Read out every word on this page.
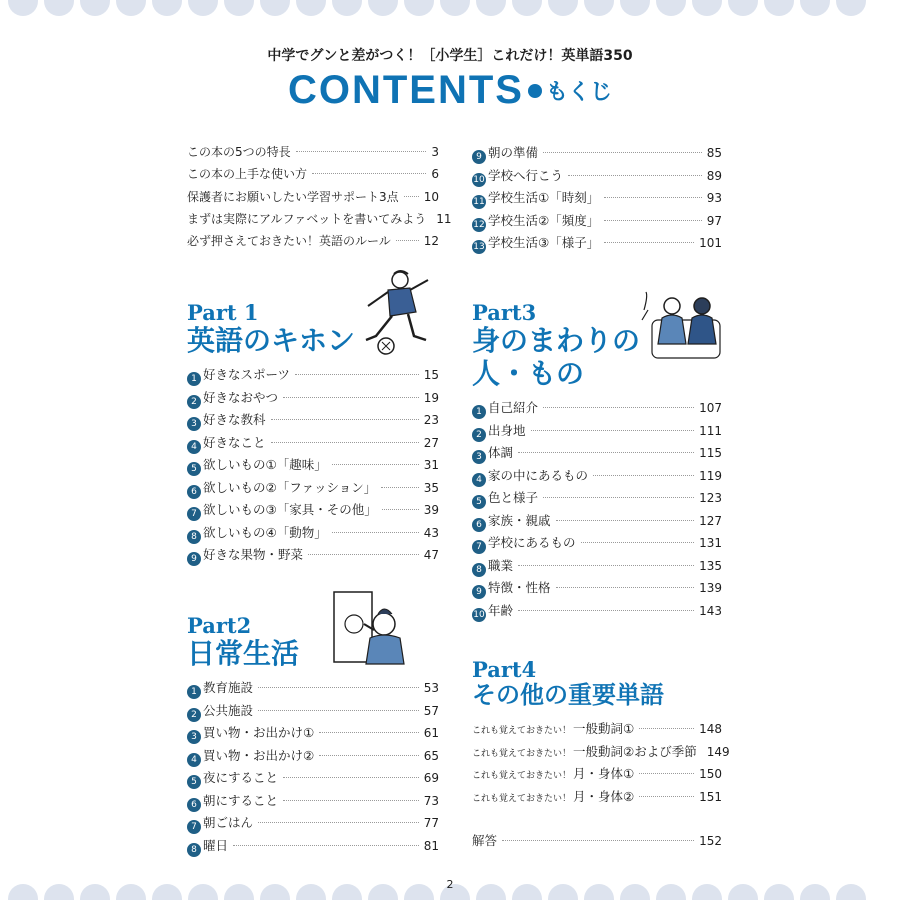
中学でグンと差がつく！［小学生］これだけ！英単語350
CONTENTS もくじ
この本の5つの特長	3
この本の上手な使い方	6
保護者にお願いしたい学習サポート3点 10
まずは実際にアルファベットを書いてみよう 11
必ず押さえておきたい！英語のルール	12
9 朝の準備	85
10 学校へ行こう	89
11 学校生活①「時刻」	93
12 学校生活②「頻度」	97
13 学校生活③「様子」	101
Part 1
英語のキホン
1 好きなスポーツ	15
2 好きなおやつ	19
3 好きな教科	23
4 好きなこと	27
5 欲しいもの①「趣味」	31
6 欲しいもの②「ファッション」	35
7 欲しいもの③「家具・その他」	39
8 欲しいもの④「動物」	43
9 好きな果物・野菜	47
Part2
日常生活
1 教育施設	53
2 公共施設	57
3 買い物・お出かけ①	61
4 買い物・お出かけ②	65
5 夜にすること	69
6 朝にすること	73
7 朝ごはん	77
8 曜日	81
Part3
身のまわりの
人・もの
1 自己紹介	107
2 出身地	111
3 体調	115
4 家の中にあるもの	119
5 色と様子	123
6 家族・親戚	127
7 学校にあるもの	131
8 職業	135
9 特徴・性格	139
10 年齢	143
Part4
その他の重要単語
これも覚えておきたい！ 一般動詞①	148
これも覚えておきたい！ 一般動詞②および季節 149
これも覚えておきたい！ 月・身体①	150
これも覚えておきたい！ 月・身体②	151
解答	152
2
